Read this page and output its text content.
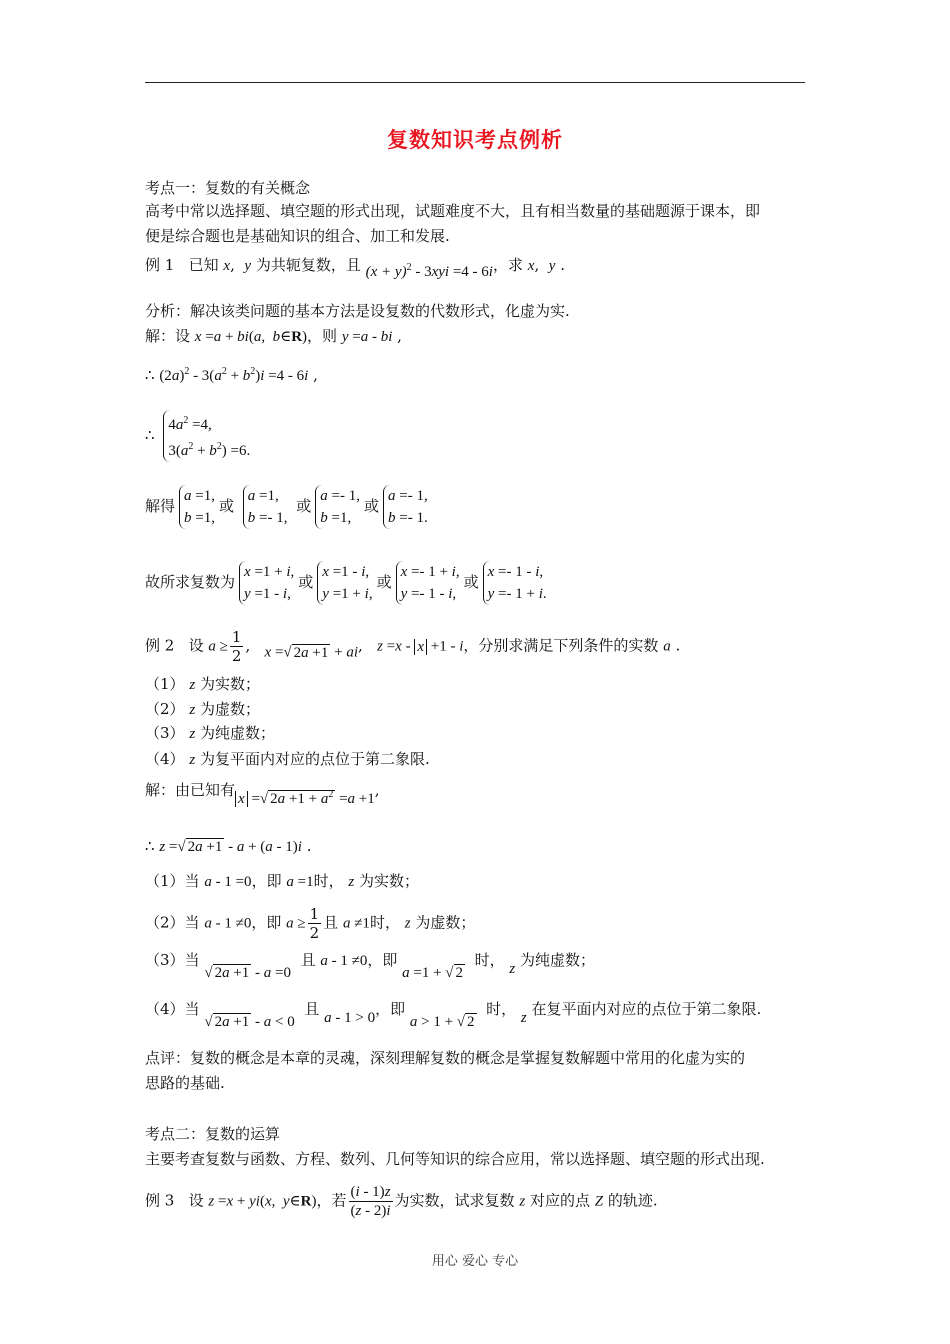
复数知识考点例析
考点一：复数的有关概念
高考中常以选择题、填空题的形式出现，试题难度不大，且有相当数量的基础题源于课本，即
便是综合题也是基础知识的组合、加工和发展.
例 1 已知 x,  y 为共轭复数，且 $(x + y)^2 - 3xyi =4 - 6i$，求 x,  y .
分析：解决该类问题的基本方法是设复数的代数形式，化虚为实.
解：设 x =a + bi(a,  b∈R)，则 y =a - bi ,
∴ $(2a)^2 - 3(a^2 + b^2)i =4 - 6i$ ,
∴
$4a^2 =4$,
$3(a^2 + b^2) =6$.
解得
a =1,
b =1,
或
a =1,
b =- 1,
或
a =- 1,
b =1,
或
a =- 1,
b =- 1.
故所求复数为
x =1 + i,
y =1 - i,
或
x =1 - i,
y =1 + i,
或
x =- 1 + i,
y =- 1 - i,
或
x =- 1 - i,
y =- 1 + i.
例 2 设 $a \ge \frac{1}{2}$ ,   x =√ 2a +1 + ai,   z =x - x +1 - i，分别求满足下列条件的实数 a .
（1） z 为实数；
（2） z 为虚数；
（3） z 为纯虚数；
（4） z 为复平面内对应的点位于第二象限.
解：由已知有 x =√ $2a +1 + a^2 =a +1$,
∴ z =√ 2a +1 - a + (a - 1)i .
（1）当 a - 1 =0，即 a =1时， z 为实数；
（2）当 a - 1 ≠0，即 $a \ge \frac{1}{2}$ 且 a ≠1时， z 为虚数；
（3）当 √ 2a +1 - a =0  且 a - 1 ≠0，即 a =1 + √ 2  时， z 为纯虚数；
（4）当 √ 2a +1 - a < 0  且 a - 1 > 0，即 a > 1 + √ 2  时， z 在复平面内对应的点位于第二象限.
点评：复数的概念是本章的灵魂，深刻理解复数的概念是掌握复数解题中常用的化虚为实的
思路的基础.
考点二：复数的运算
主要考查复数与函数、方程、数列、几何等知识的综合应用，常以选择题、填空题的形式出现.
例 3 设 z =x + yi(x,  y∈R)，若 $\frac{(i - 1)z}{(z - 2)i}$ 为实数，试求复数 z 对应的点 Z 的轨迹.
用心 爱心 专心
